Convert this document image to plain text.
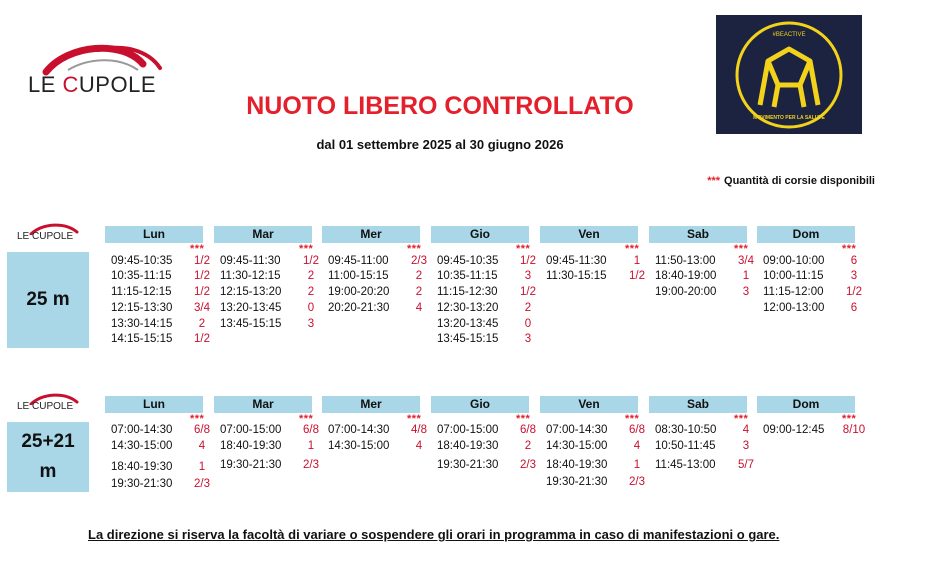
LE CUPOLE
#BEACTIVE
MOVIMENTO PER LA SALUTE
NUOTO LIBERO CONTROLLATO
dal 01 settembre 2025 al 30 giugno 2026
*** Quantità di corsie disponibili
LE CUPOLE
25 m
LE CUPOLE
25+21
m
Lun
***
09:45-10:35	1/2
10:35-11:15	1/2
11:15-12:15	1/2
12:15-13:30	3/4
13:30-14:15	2
14:15-15:15	1/2
Mar
***
09:45-11:30	1/2
11:30-12:15	2
12:15-13:20	2
13:20-13:45	0
13:45-15:15	3
Mer
***
09:45-11:00	2/3
11:00-15:15	2
19:00-20:20	2
20:20-21:30	4
Gio
***
09:45-10:35	1/2
10:35-11:15	3
11:15-12:30	1/2
12:30-13:20	2
13:20-13:45	0
13:45-15:15	3
Ven
***
09:45-11:30	1
11:30-15:15	1/2
Sab
***
11:50-13:00	3/4
18:40-19:00	1
19:00-20:00	3
Dom
***
09:00-10:00	6
10:00-11:15	3
11:15-12:00	1/2
12:00-13:00	6
Lun
***
07:00-14:30	6/8
14:30-15:00	4
18:40-19:30	1
19:30-21:30	2/3
Mar
***
07:00-15:00	6/8
18:40-19:30	1
19:30-21:30	2/3
Mer
***
07:00-14:30	4/8
14:30-15:00	4
Gio
***
07:00-15:00	6/8
18:40-19:30	2
19:30-21:30	2/3
Ven
***
07:00-14:30	6/8
14:30-15:00	4
18:40-19:30	1
19:30-21:30	2/3
Sab
***
08:30-10:50	4
10:50-11:45	3
11:45-13:00	5/7
Dom
***
09:00-12:45 8/10
La direzione si riserva la facoltà di variare o sospendere gli orari in programma in caso di manifestazioni o gare.
